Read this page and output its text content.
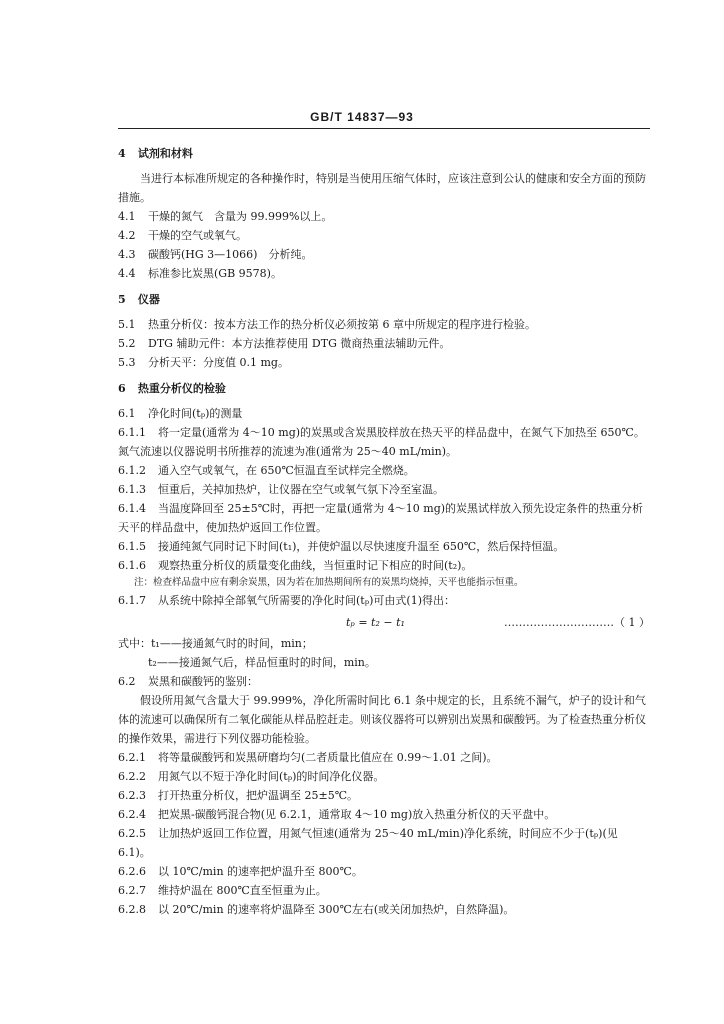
GB/T 14837—93
4 试剂和材料

当进行本标准所规定的各种操作时，特别是当使用压缩气体时，应该注意到公认的健康和安全方面的预防措施。

4.1 干燥的氮气　含量为 99.999%以上。

4.2 干燥的空气或氧气。

4.3 碳酸钙(HG 3—1066)　分析纯。

4.4 标准参比炭黑(GB 9578)。

5 仪器

5.1 热重分析仪：按本方法工作的热分析仪必须按第 6 章中所规定的程序进行检验。

5.2 DTG 辅助元件：本方法推荐使用 DTG 微商热重法辅助元件。

5.3 分析天平：分度值 0.1 mg。

6 热重分析仪的检验

6.1 净化时间(tₚ)的测量

6.1.1 将一定量(通常为 4～10 mg)的炭黑或含炭黑胶样放在热天平的样品盘中，在氮气下加热至 650℃。氮气流速以仪器说明书所推荐的流速为准(通常为 25～40 mL/min)。

6.1.2 通入空气或氧气，在 650℃恒温直至试样完全燃烧。

6.1.3 恒重后，关掉加热炉，让仪器在空气或氧气氛下冷至室温。

6.1.4 当温度降回至 25±5℃时，再把一定量(通常为 4～10 mg)的炭黑试样放入预先设定条件的热重分析天平的样品盘中，使加热炉返回工作位置。

6.1.5 接通纯氮气同时记下时间(t₁)，并使炉温以尽快速度升温至 650℃，然后保持恒温。

6.1.6 观察热重分析仪的质量变化曲线，当恒重时记下相应的时间(t₂)。

注：检查样品盘中应有剩余炭黑，因为若在加热期间所有的炭黑均烧掉，天平也能指示恒重。

6.1.7 从系统中除掉全部氧气所需要的净化时间(tₚ)可由式(1)得出：

tₚ = t₂ − t₁	…………………………（ 1 ）

式中：t₁——接通氮气时的时间，min；

t₂——接通氮气后，样品恒重时的时间，min。

6.2 炭黑和碳酸钙的鉴别：

假设所用氮气含量大于 99.999%，净化所需时间比 6.1 条中规定的长，且系统不漏气，炉子的设计和气体的流速可以确保所有二氧化碳能从样品腔赶走。则该仪器将可以辨别出炭黑和碳酸钙。为了检查热重分析仪的操作效果，需进行下列仪器功能检验。

6.2.1 将等量碳酸钙和炭黑研磨均匀(二者质量比值应在 0.99～1.01 之间)。

6.2.2 用氮气以不短于净化时间(tₚ)的时间净化仪器。

6.2.3 打开热重分析仪，把炉温调至 25±5℃。

6.2.4 把炭黑-碳酸钙混合物(见 6.2.1，通常取 4～10 mg)放入热重分析仪的天平盘中。

6.2.5 让加热炉返回工作位置，用氮气恒速(通常为 25～40 mL/min)净化系统，时间应不少于(tₚ)(见 6.1)。

6.2.6 以 10℃/min 的速率把炉温升至 800℃。

6.2.7 维持炉温在 800℃直至恒重为止。

6.2.8 以 20℃/min 的速率将炉温降至 300℃左右(或关闭加热炉，自然降温)。
